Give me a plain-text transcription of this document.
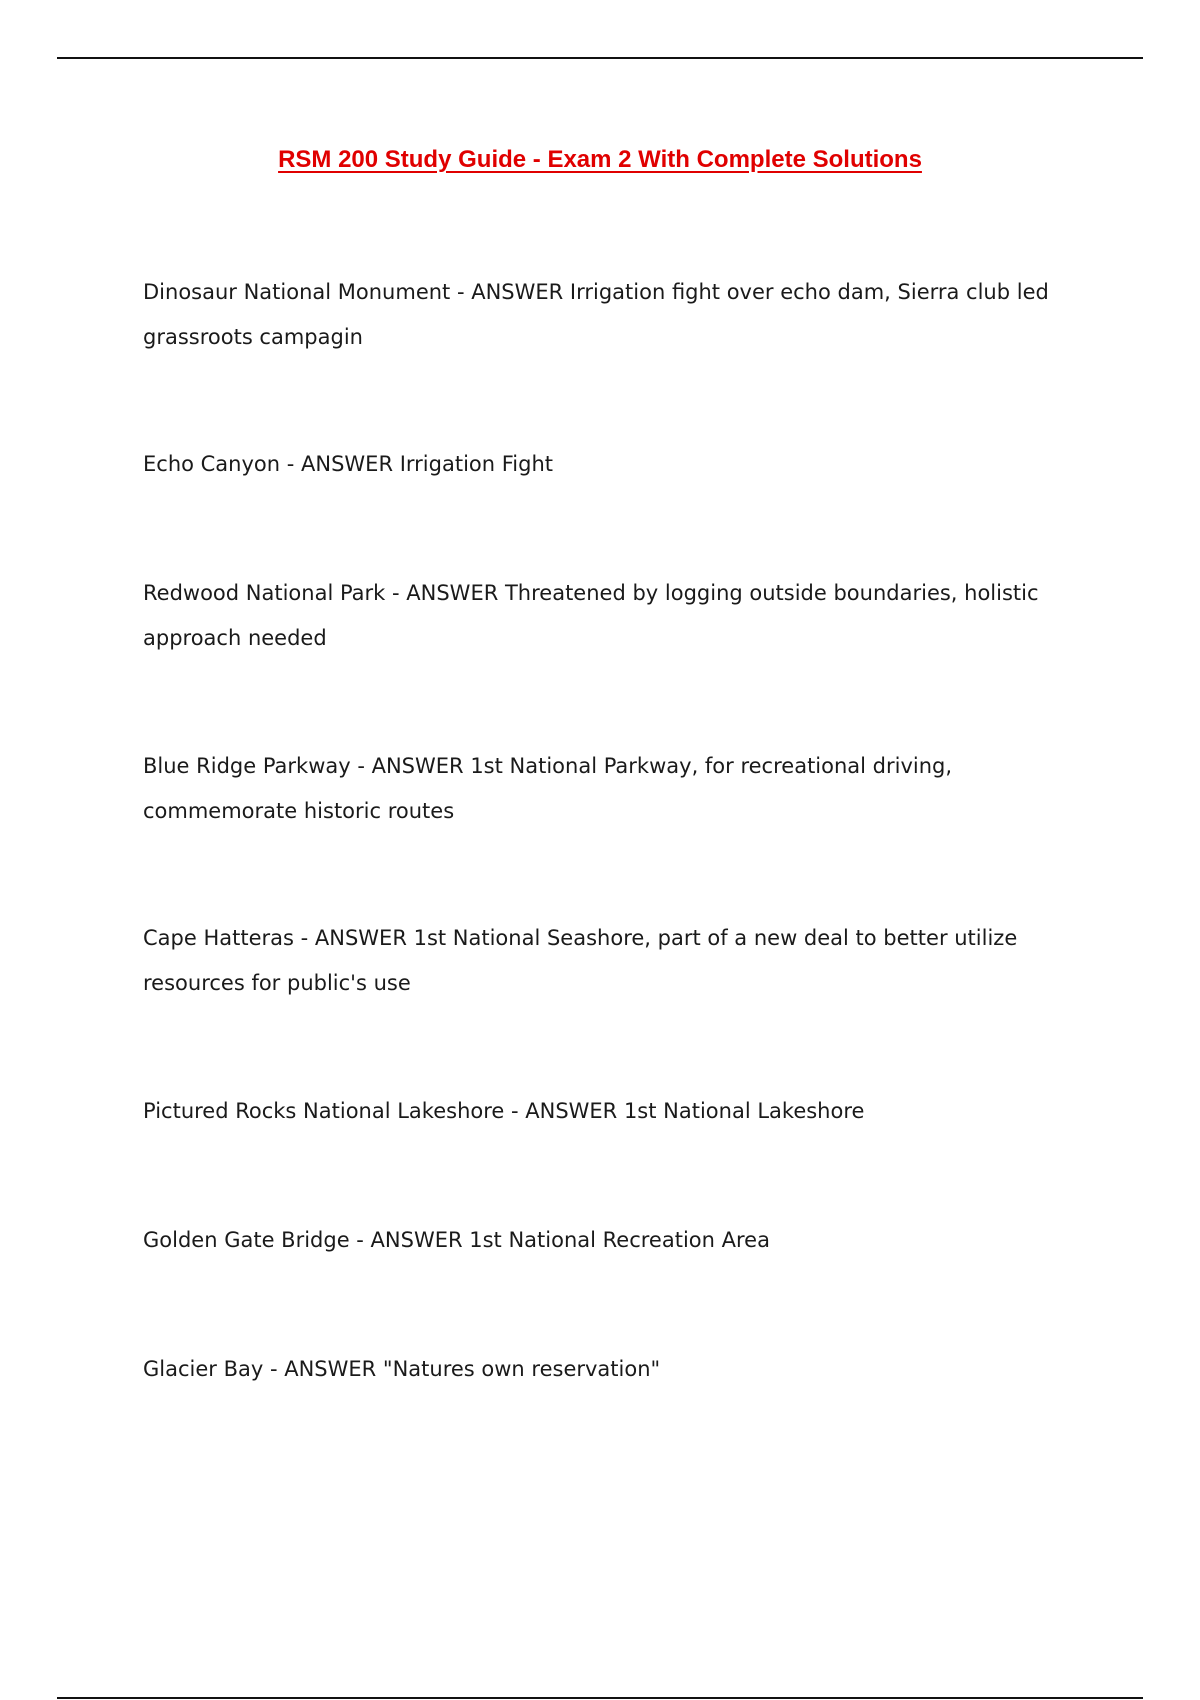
RSM 200 Study Guide - Exam 2 With Complete Solutions
Dinosaur National Monument - ANSWER Irrigation fight over echo dam, Sierra club led grassroots campagin
Echo Canyon - ANSWER Irrigation Fight
Redwood National Park - ANSWER Threatened by logging outside boundaries, holistic approach needed
Blue Ridge Parkway - ANSWER 1st National Parkway, for recreational driving, commemorate historic routes
Cape Hatteras - ANSWER 1st National Seashore, part of a new deal to better utilize resources for public's use
Pictured Rocks National Lakeshore - ANSWER 1st National Lakeshore
Golden Gate Bridge - ANSWER 1st National Recreation Area
Glacier Bay - ANSWER "Natures own reservation"
